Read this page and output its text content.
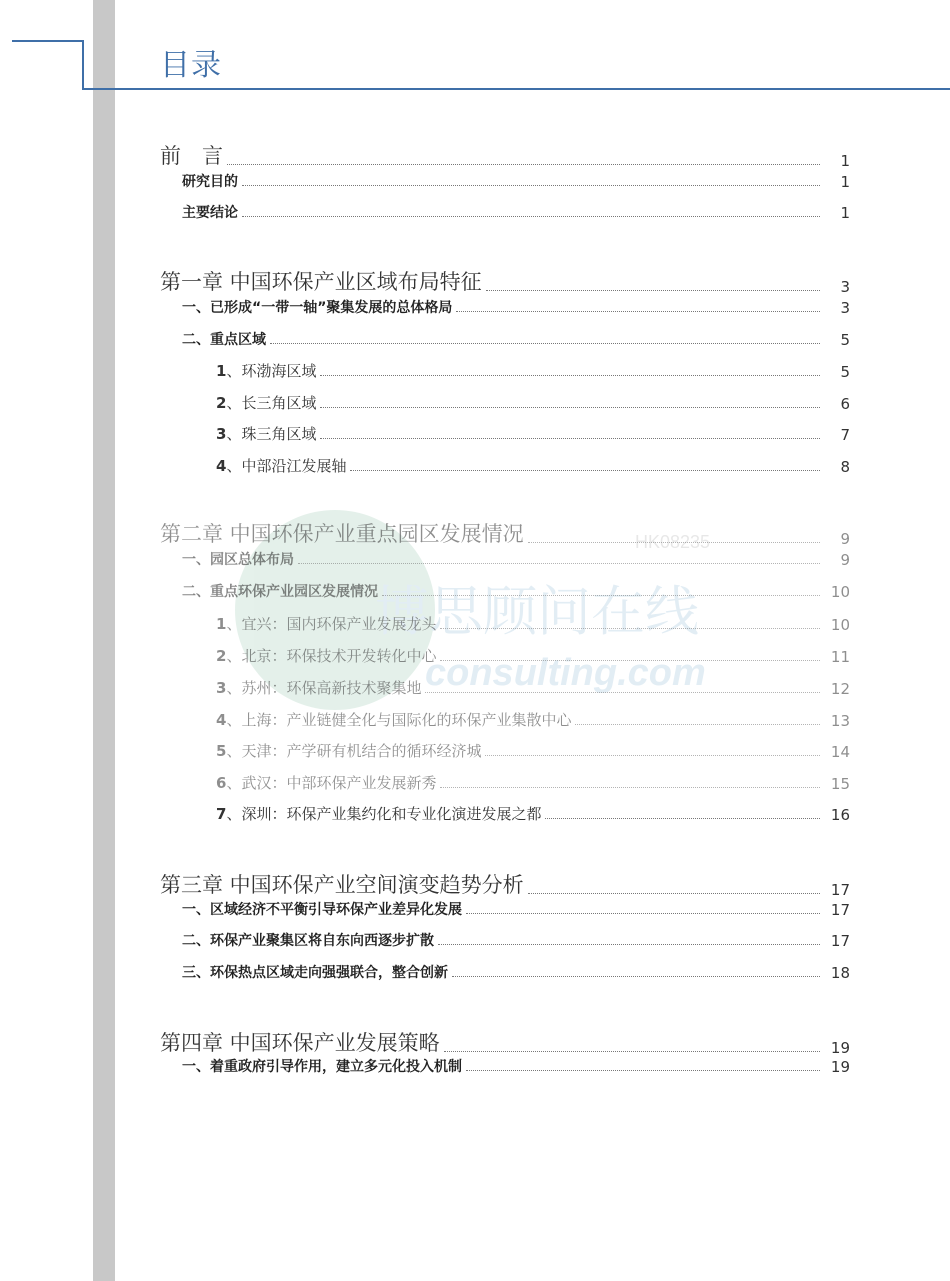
目录
HK08235
博思顾问在线
consulting.com
前　言	1
研究目的	1
主要结论	1
第一章 中国环保产业区域布局特征	3
一、已形成“一带一轴”聚集发展的总体格局	3
二、重点区域	5
1、环渤海区域	5
2、长三角区域	6
3、珠三角区域	7
4、中部沿江发展轴	8
第二章 中国环保产业重点园区发展情况	9
一、园区总体布局	9
二、重点环保产业园区发展情况	10
1、宜兴：国内环保产业发展龙头	10
2、北京：环保技术开发转化中心	11
3、苏州：环保高新技术聚集地	12
4、上海：产业链健全化与国际化的环保产业集散中心	13
5、天津：产学研有机结合的循环经济城	14
6、武汉：中部环保产业发展新秀	15
7、深圳：环保产业集约化和专业化演进发展之都	16
第三章 中国环保产业空间演变趋势分析	17
一、区域经济不平衡引导环保产业差异化发展	17
二、环保产业聚集区将自东向西逐步扩散	17
三、环保热点区域走向强强联合，整合创新	18
第四章 中国环保产业发展策略	19
一、着重政府引导作用，建立多元化投入机制	19
